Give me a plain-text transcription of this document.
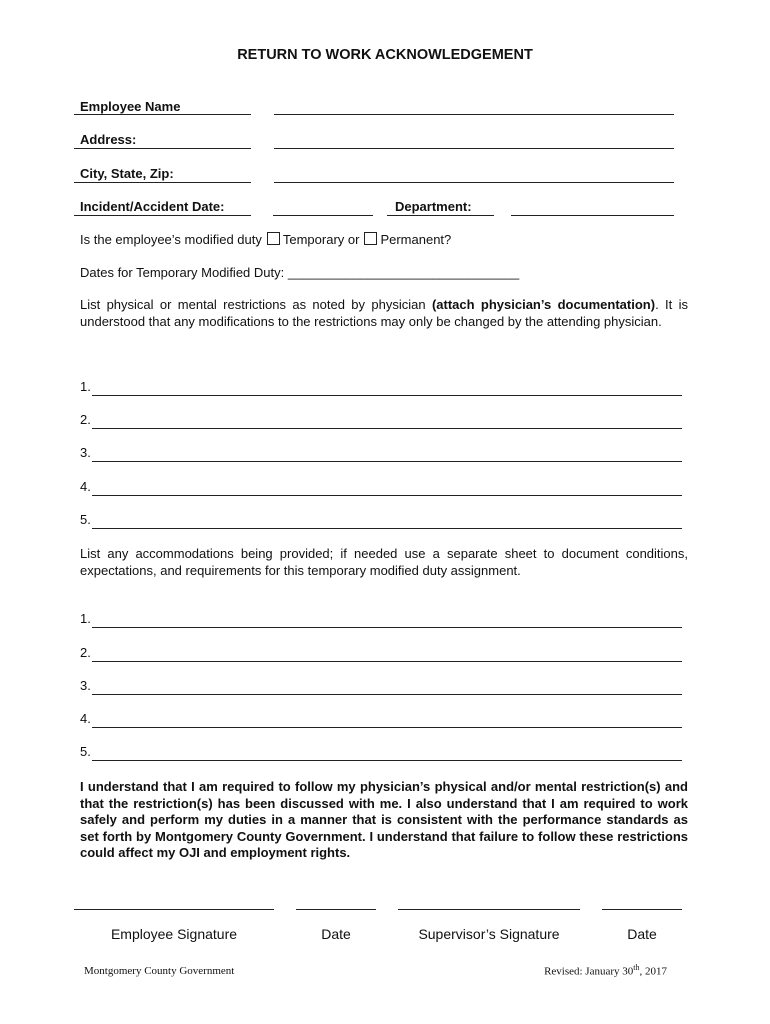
RETURN TO WORK ACKNOWLEDGEMENT
Employee Name
Address:
City, State, Zip:
Incident/Accident Date:	Department:
Is the employee’s modified duty Temporary or Permanent?
Dates for Temporary Modified Duty: ________________________________
List physical or mental restrictions as noted by physician (attach physician’s documentation). It is understood that any modifications to the restrictions may only be changed by the attending physician.
1.
2.
3.
4.
5.
List any accommodations being provided; if needed use a separate sheet to document conditions, expectations, and requirements for this temporary modified duty assignment.
1.
2.
3.
4.
5.
I understand that I am required to follow my physician’s physical and/or mental restriction(s) and that the restriction(s) has been discussed with me. I also understand that I am required to work safely and perform my duties in a manner that is consistent with the performance standards as set forth by Montgomery County Government. I understand that failure to follow these restrictions could affect my OJI and employment rights.
Employee Signature	Date	Supervisor’s Signature	Date
Montgomery County Government	Revised: January 30th, 2017
